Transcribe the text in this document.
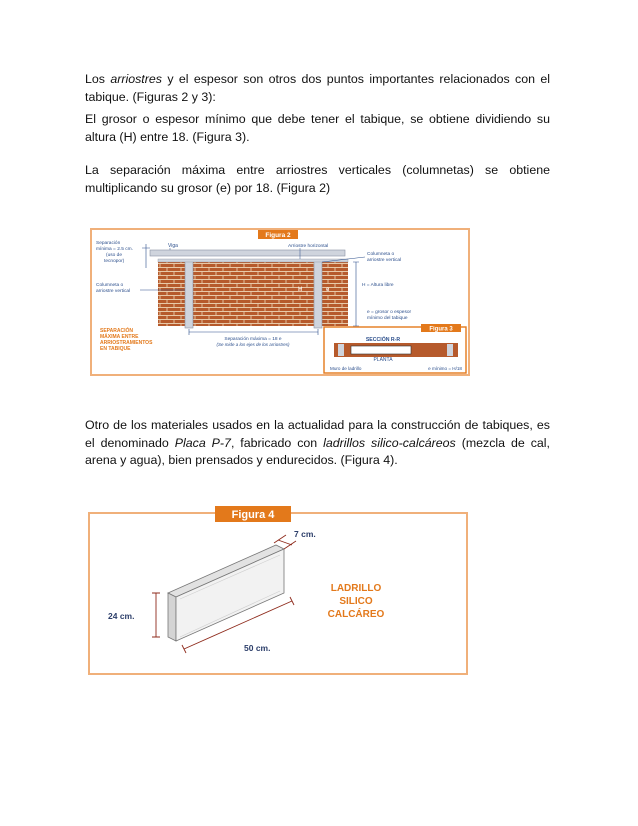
Los arriostres y el espesor son otros dos puntos importantes relacionados con el tabique. (Figuras 2 y 3):

El grosor o espesor mínimo que debe tener el tabique, se obtiene dividiendo su altura (H) entre 18. (Figura 3).

La separación máxima entre arriostres verticales (columnetas) se obtiene multiplicando su grosor (e) por 18. (Figura 2)

Figura 2
H	e
Separación
mínima = 2.5 cm.
(uso de
tecnopor)
Columneta o
arriostre vertical
Viga	Arriostre horizontal
Columneta o
arriostre vertical
H = Altura libre
e = grosor o espesor
mínimo del tabique
Separación máxima = 18 e
(Se mide a los ejes de los arriostres)
SEPARACIÓN
MÁXIMA ENTRE
ARRIOSTRAMIENTOS
EN TABIQUE
Figura 3
SECCIÓN R-R
PLANTA
Muro de ladrillo	e mínimo = H/18

Otro de los materiales usados en la actualidad para la construcción de tabiques, es el denominado Placa P-7, fabricado con ladrillos silico-calcáreos (mezcla de cal, arena y agua), bien prensados y endurecidos. (Figura 4).

Figura 4
7 cm.
24 cm.
50 cm.
LADRILLO
SILICO
CALCÁREO
